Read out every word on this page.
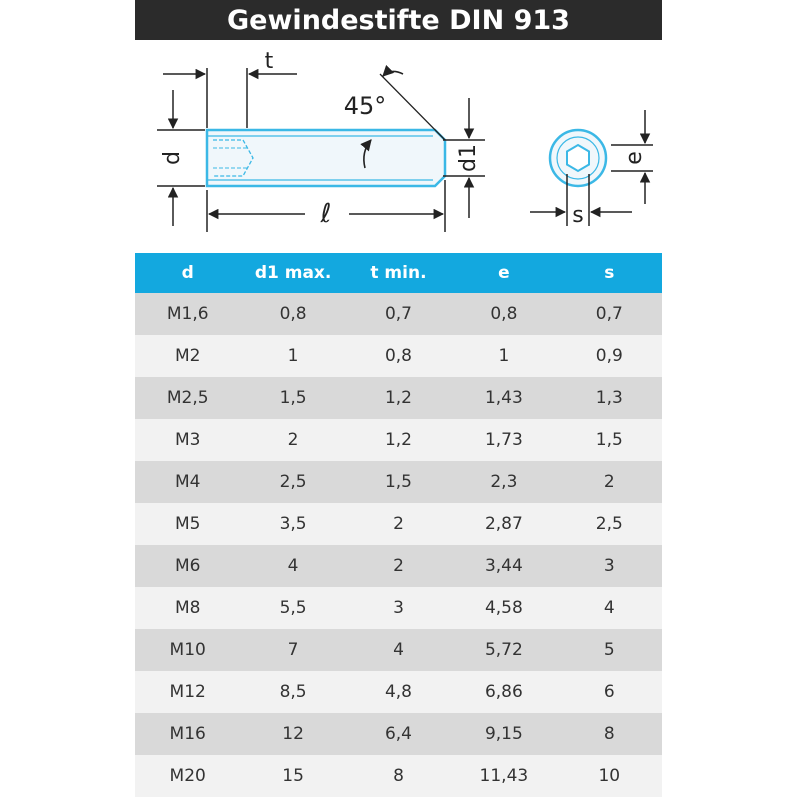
Gewindestifte DIN 913
t
d
45°
d1
ℓ
e
s
d	d1 max.	t min.	e	s
M1,6	0,8	0,7	0,8	0,7
M2	1	0,8	1	0,9
M2,5	1,5	1,2	1,43	1,3
M3	2	1,2	1,73	1,5
M4	2,5	1,5	2,3	2
M5	3,5	2	2,87	2,5
M6	4	2	3,44	3
M8	5,5	3	4,58	4
M10	7	4	5,72	5
M12	8,5	4,8	6,86	6
M16	12	6,4	9,15	8
M20	15	8	11,43	10
